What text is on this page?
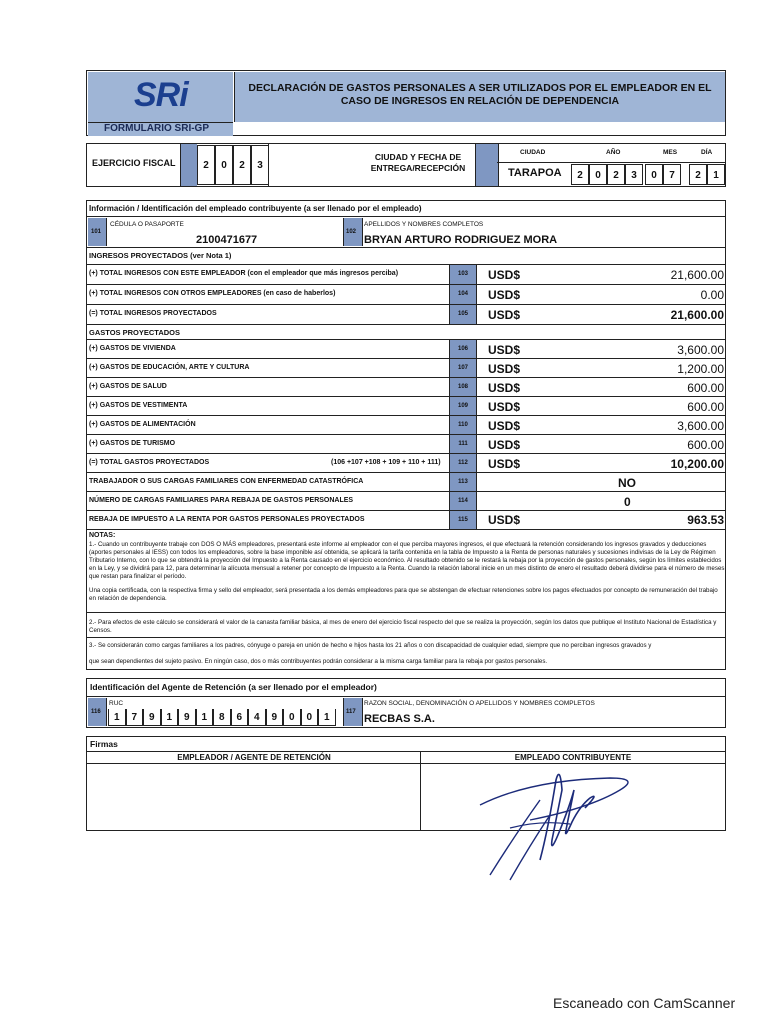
SRi
FORMULARIO SRI-GP
DECLARACIÓN DE GASTOS PERSONALES A SER UTILIZADOS POR EL EMPLEADOR EN EL CASO DE INGRESOS EN RELACIÓN DE DEPENDENCIA
EJERCICIO FISCAL	2	0	2	3
CIUDAD Y FECHA DE ENTREGA/RECEPCIÓN
CIUDAD	AÑO	MES	DÍA
TARAPOA	2	0	2	3	0	7	2	1
Información / Identificación del empleado contribuyente (a ser llenado por el empleado)
101
CÉDULA O PASAPORTE
2100471677
102
APELLIDOS Y NOMBRES COMPLETOS
BRYAN ARTURO RODRIGUEZ MORA
INGRESOS PROYECTADOS (ver Nota 1)
(+) TOTAL INGRESOS CON ESTE EMPLEADOR (con el empleador que más ingresos perciba)	103	USD$	21,600.00
(+) TOTAL INGRESOS CON OTROS EMPLEADORES (en caso de haberlos)	104	USD$	0.00
(=) TOTAL INGRESOS PROYECTADOS	105	USD$	21,600.00
GASTOS PROYECTADOS
(+) GASTOS DE VIVIENDA	106	USD$	3,600.00
(+) GASTOS DE EDUCACIÓN, ARTE Y CULTURA	107	USD$	1,200.00
(+) GASTOS DE SALUD	108	USD$	600.00
(+) GASTOS DE VESTIMENTA	109	USD$	600.00
(+) GASTOS DE ALIMENTACIÓN	110	USD$	3,600.00
(+) GASTOS DE TURISMO	111	USD$	600.00
(=) TOTAL GASTOS PROYECTADOS	(106 +107 +108 + 109 + 110 + 111)	112	USD$	10,200.00
TRABAJADOR O SUS CARGAS FAMILIARES CON ENFERMEDAD CATASTRÓFICA	113	NO
NÚMERO DE CARGAS FAMILIARES PARA REBAJA DE GASTOS PERSONALES	114	0
REBAJA DE IMPUESTO A LA RENTA POR GASTOS PERSONALES PROYECTADOS	115	USD$	963.53
NOTAS:
1.- Cuando un contribuyente trabaje con DOS O MÁS empleadores, presentará este informe al empleador con el que perciba mayores ingresos, el que efectuará la retención considerando los ingresos gravados y deducciones (aportes personales al IESS) con todos los empleadores, sobre la base imponible así obtenida, se aplicará la tarifa contenida en la tabla de Impuesto a la Renta de personas naturales y sucesiones indivisas de la Ley de Régimen Tributario Interno, con lo que se obtendrá la proyección del Impuesto a la Renta causado en el ejercicio económico. Al resultado obtenido se le restará la rebaja por la proyección de gastos personales, según los límites establecidos en la Ley, y se dividirá para 12, para determinar la alícuota mensual a retener por concepto de Impuesto a la Renta. Cuando la relación laboral inicie en un mes distinto de enero el resultado deberá dividirse para el número de meses que restan para finalizar el período.
Una copia certificada, con la respectiva firma y sello del empleador, será presentada a los demás empleadores para que se abstengan de efectuar retenciones sobre los pagos efectuados por concepto de remuneración del trabajo en relación de dependencia.
2.- Para efectos de este cálculo se considerará el valor de la canasta familiar básica, al mes de enero del ejercicio fiscal respecto del que se realiza la proyección, según los datos que publique el Instituto Nacional de Estadística y Censos.
3.- Se considerarán como cargas familiares a los padres, cónyuge o pareja en unión de hecho e hijos hasta los 21 años o con discapacidad de cualquier edad, siempre que no perciban ingresos gravados y
que sean dependientes del sujeto pasivo. En ningún caso, dos o más contribuyentes podrán considerar a la misma carga familiar para la rebaja por gastos personales.
Identificación del Agente de Retención (a ser llenado por el empleador)
116
RUC
1	7	9	1	9	1	8	6	4	9	0	0	1	117
RAZON SOCIAL, DENOMINACIÓN O APELLIDOS Y NOMBRES COMPLETOS
RECBAS S.A.
Firmas
EMPLEADOR / AGENTE DE RETENCIÓN	EMPLEADO CONTRIBUYENTE
Escaneado con CamScanner
